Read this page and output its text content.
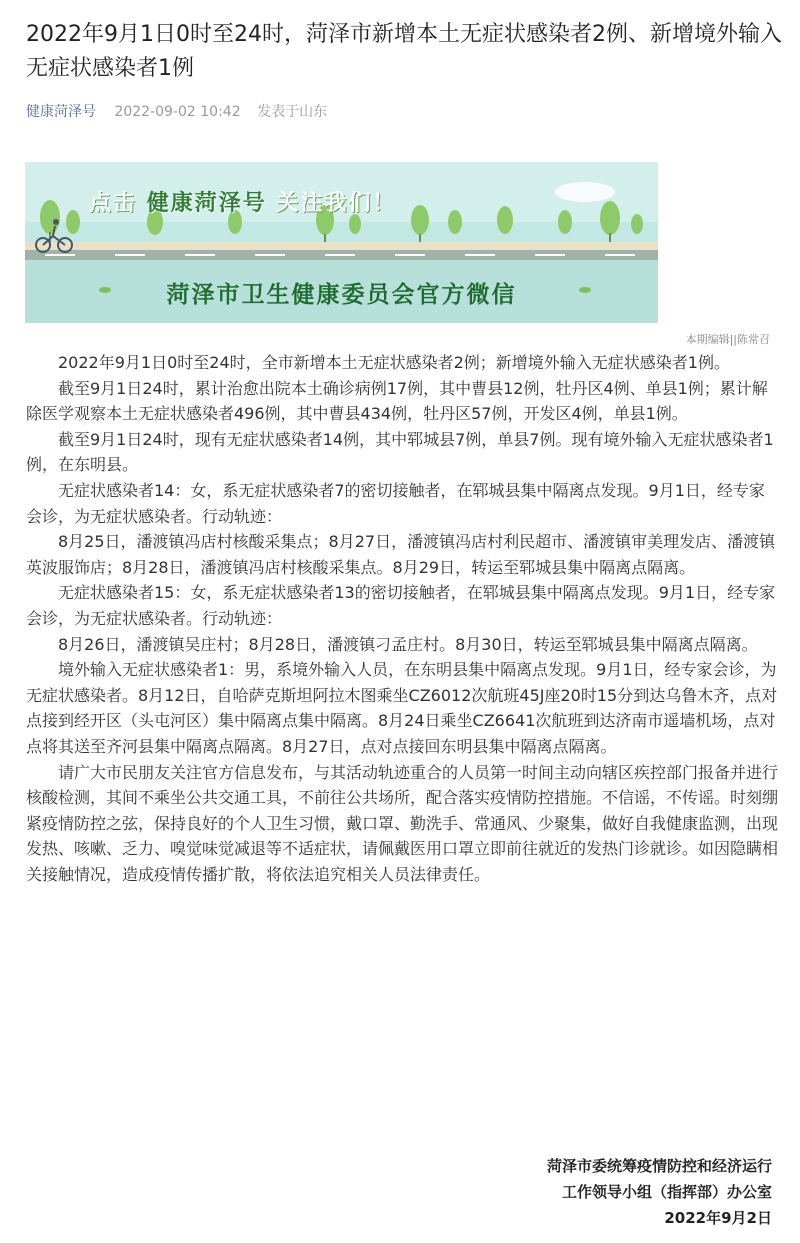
2022年9月1日0时至24时，菏泽市新增本土无症状感染者2例、新增境外输入无症状感染者1例
健康菏泽号 2022-09-02 10:42 发表于山东
点击 健康菏泽号 关注我们！
菏泽市卫生健康委员会官方微信
本期编辑||陈常召

2022年9月1日0时至24时，全市新增本土无症状感染者2例；新增境外输入无症状感染者1例。

截至9月1日24时，累计治愈出院本土确诊病例17例，其中曹县12例，牡丹区4例、单县1例；累计解除医学观察本土无症状感染者496例，其中曹县434例，牡丹区57例，开发区4例，单县1例。

截至9月1日24时，现有无症状感染者14例，其中郓城县7例，单县7例。现有境外输入无症状感染者1例，在东明县。

无症状感染者14：女，系无症状感染者7的密切接触者，在郓城县集中隔离点发现。9月1日，经专家会诊，为无症状感染者。行动轨迹：

8月25日，潘渡镇冯店村核酸采集点；8月27日，潘渡镇冯店村利民超市、潘渡镇审美理发店、潘渡镇英波服饰店；8月28日，潘渡镇冯店村核酸采集点。8月29日，转运至郓城县集中隔离点隔离。

无症状感染者15：女，系无症状感染者13的密切接触者，在郓城县集中隔离点发现。9月1日，经专家会诊，为无症状感染者。行动轨迹：

8月26日，潘渡镇吴庄村；8月28日，潘渡镇刁孟庄村。8月30日，转运至郓城县集中隔离点隔离。

境外输入无症状感染者1：男，系境外输入人员，在东明县集中隔离点发现。9月1日，经专家会诊，为无症状感染者。8月12日，自哈萨克斯坦阿拉木图乘坐CZ6012次航班45J座20时15分到达乌鲁木齐，点对点接到经开区（头屯河区）集中隔离点集中隔离。8月24日乘坐CZ6641次航班到达济南市遥墙机场，点对点将其送至齐河县集中隔离点隔离。8月27日，点对点接回东明县集中隔离点隔离。

请广大市民朋友关注官方信息发布，与其活动轨迹重合的人员第一时间主动向辖区疾控部门报备并进行核酸检测，其间不乘坐公共交通工具，不前往公共场所，配合落实疫情防控措施。不信谣，不传谣。时刻绷紧疫情防控之弦，保持良好的个人卫生习惯，戴口罩、勤洗手、常通风、少聚集，做好自我健康监测，出现发热、咳嗽、乏力、嗅觉味觉减退等不适症状，请佩戴医用口罩立即前往就近的发热门诊就诊。如因隐瞒相关接触情况，造成疫情传播扩散，将依法追究相关人员法律责任。

菏泽市委统筹疫情防控和经济运行
工作领导小组（指挥部）办公室
2022年9月2日
